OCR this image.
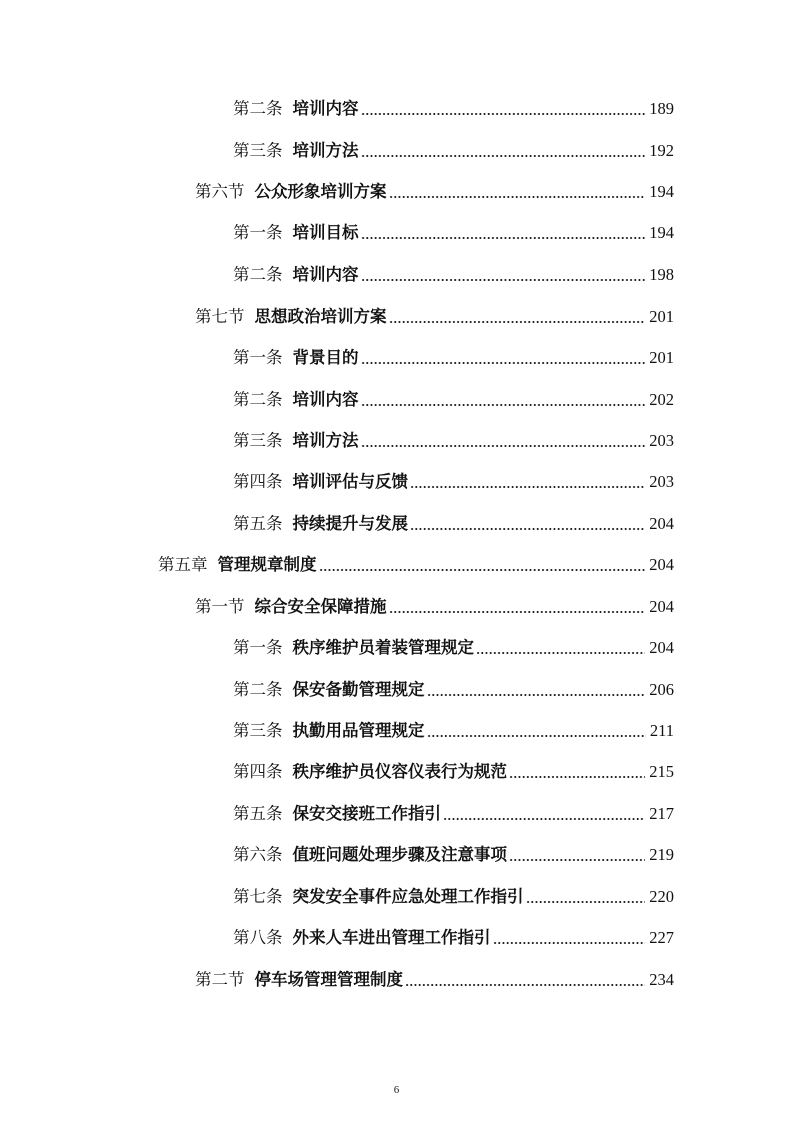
第二条 培训内容	189
第三条 培训方法	192
第六节 公众形象培训方案	194
第一条 培训目标	194
第二条 培训内容	198
第七节 思想政治培训方案	201
第一条 背景目的	201
第二条 培训内容	202
第三条 培训方法	203
第四条 培训评估与反馈	203
第五条 持续提升与发展	204
第五章 管理规章制度	204
第一节 综合安全保障措施	204
第一条 秩序维护员着装管理规定	204
第二条 保安备勤管理规定	206
第三条 执勤用品管理规定	211
第四条 秩序维护员仪容仪表行为规范	215
第五条 保安交接班工作指引	217
第六条 值班问题处理步骤及注意事项	219
第七条 突发安全事件应急处理工作指引	220
第八条 外来人车进出管理工作指引	227
第二节 停车场管理管理制度	234
6
